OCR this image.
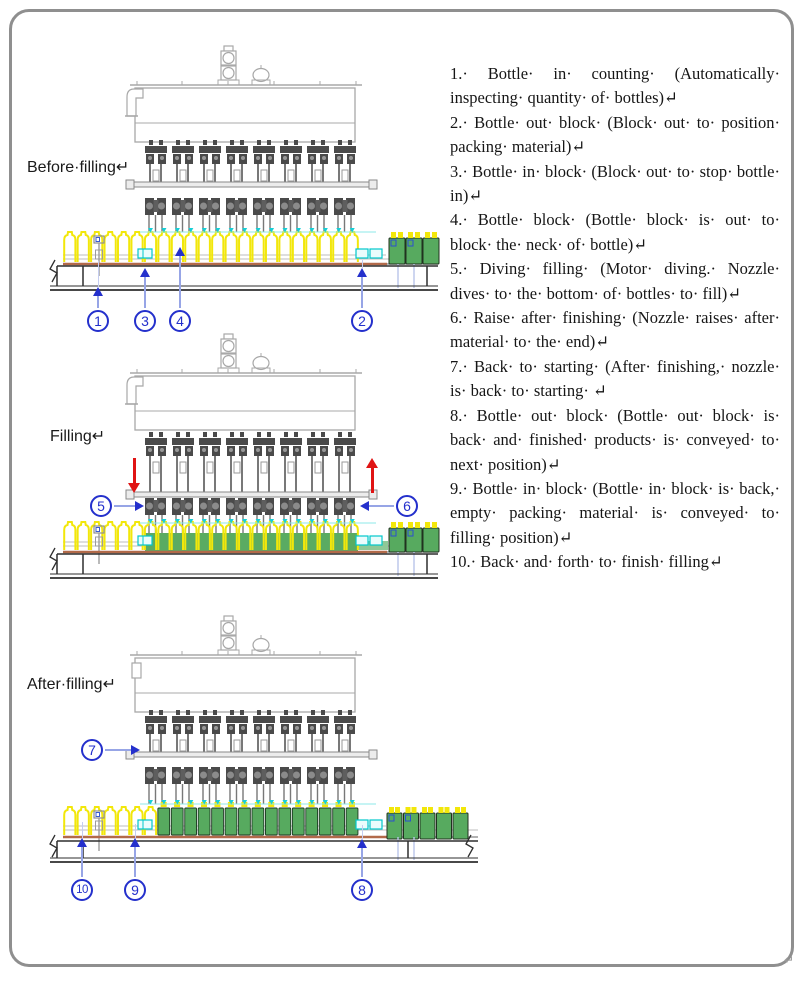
Before·filling↵
Filling↵
After·filling↵

1.· Bottle· in· counting· (Automatically· inspecting· quantity· of· bottles)↵

2.· Bottle· out· block· (Block· out· to· position· packing· material)↵

3.· Bottle· in· block· (Block· out· to· stop· bottle· in)↵

4.· Bottle· block· (Bottle· block· is· out· to· block· the· neck· of· bottle)↵

5.· Diving· filling· (Motor· diving.· Nozzle· dives· to· the· bottom· of· bottles· to· fill)↵

6.· Raise· after· finishing· (Nozzle· raises· after· material· to· the· end)↵

7.· Back· to· starting· (After· finishing,· nozzle· is· back· to· starting· ↵

8.· Bottle· out· block· (Bottle· out· block· is· back· and· finished· products· is· conveyed· to· next· position)↵

9.· Bottle· in· block· (Bottle· in· block· is· back,· empty· packing· material· is· conveyed· to· filling· position)↵

10.· Back· and· forth· to· finish· filling↵

↵
1	3	4	2
5	6
7
10	9	8
